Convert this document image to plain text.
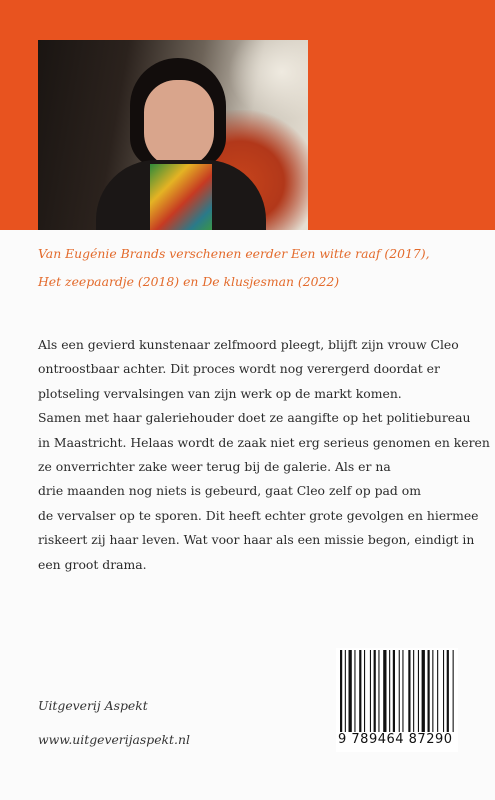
Van Eugénie Brands verschenen eerder Een witte raaf (2017),

Het zeepaardje (2018) en De klusjesman (2022)

Als een gevierd kunstenaar zelfmoord pleegt, blijft zijn vrouw Cleo

ontroostbaar achter. Dit proces wordt nog verergerd doordat er

plotseling vervalsingen van zijn werk op de markt komen.

Samen met haar galeriehouder doet ze aangifte op het politiebureau

in Maastricht. Helaas wordt de zaak niet erg serieus genomen en keren

ze onverrichter zake weer terug bij de galerie. Als er na

drie maanden nog niets is gebeurd, gaat Cleo zelf op pad om

de vervalser op te sporen. Dit heeft echter grote gevolgen en hiermee

riskeert zij haar leven. Wat voor haar als een missie begon, eindigt in

een groot drama.

Uitgeverij Aspekt
www.uitgeverijaspekt.nl	9 789464 87290
